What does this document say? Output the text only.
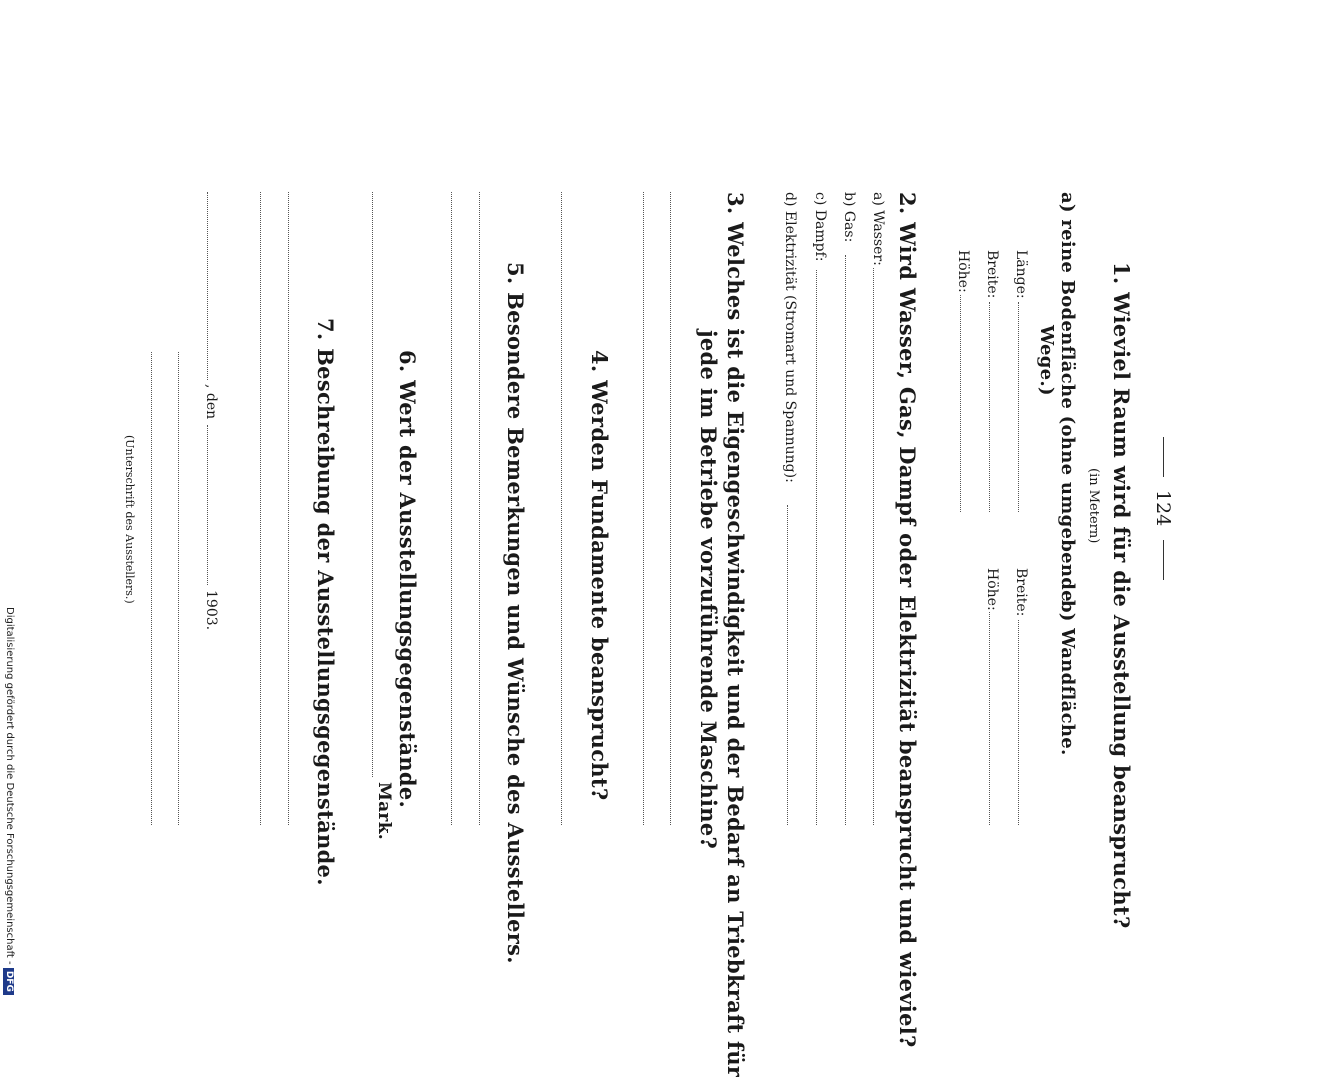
124
1. Wieviel Raum wird für die Ausstellung beansprucht?
(in Metern)
a) reine Bodenfläche (ohne umgebende
Wege.)
b) Wandfläche.
Länge:
Breite:
Höhe:
Breite:
Höhe:
2. Wird Wasser, Gas, Dampf oder Elektrizität beansprucht und wieviel?
a) Wasser:
b) Gas:
c) Dampf:
d) Elektrizität (Stromart und Spannung):
3. Welches ist die Eigengeschwindigkeit und der Bedarf an Triebkraft für
jede im Betriebe vorzuführende Maschine?
4. Werden Fundamente beansprucht?
5. Besondere Bemerkungen und Wünsche des Ausstellers.
6. Wert der Ausstellungsgegenstände.
Mark.
7. Beschreibung der Ausstellungsgegenstände.
, den
1903.
(Unterschrift des Ausstellers.)
Digitalisierung gefördert durch die Deutsche Forschungsgemeinschaft - DFG
